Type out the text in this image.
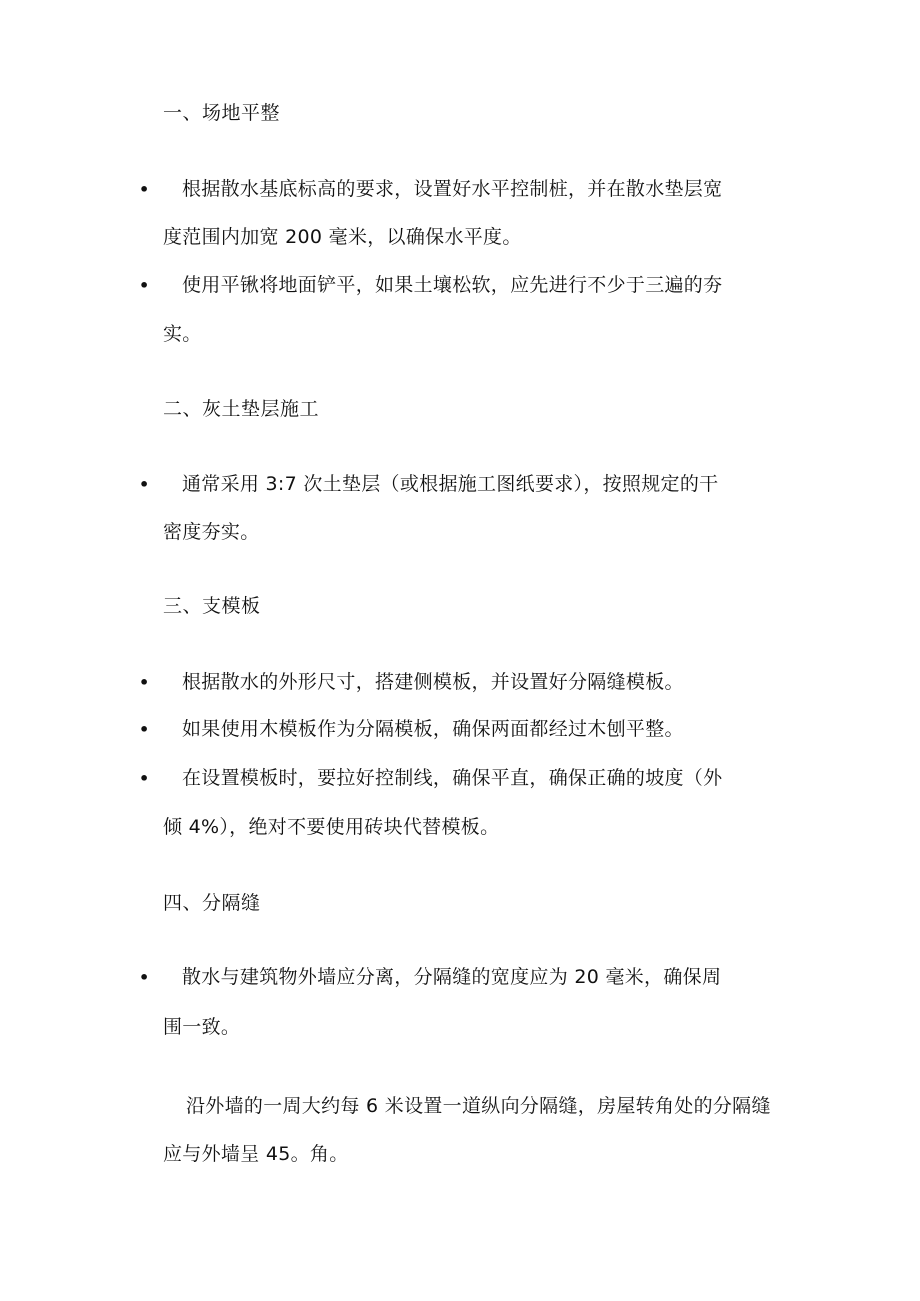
一、场地平整
• 根据散水基底标高的要求，设置好水平控制桩，并在散水垫层宽
度范围内加宽 200 毫米，以确保水平度。
• 使用平锹将地面铲平，如果土壤松软，应先进行不少于三遍的夯
实。
二、灰土垫层施工
• 通常采用 3:7 次土垫层（或根据施工图纸要求），按照规定的干
密度夯实。
三、支模板
• 根据散水的外形尺寸，搭建侧模板，并设置好分隔缝模板。
• 如果使用木模板作为分隔模板，确保两面都经过木刨平整。
• 在设置模板时，要拉好控制线，确保平直，确保正确的坡度（外
倾 4%），绝对不要使用砖块代替模板。
四、分隔缝
• 散水与建筑物外墙应分离，分隔缝的宽度应为 20 毫米，确保周
围一致。
沿外墙的一周大约每 6 米设置一道纵向分隔缝，房屋转角处的分隔缝
应与外墙呈 45。角。
